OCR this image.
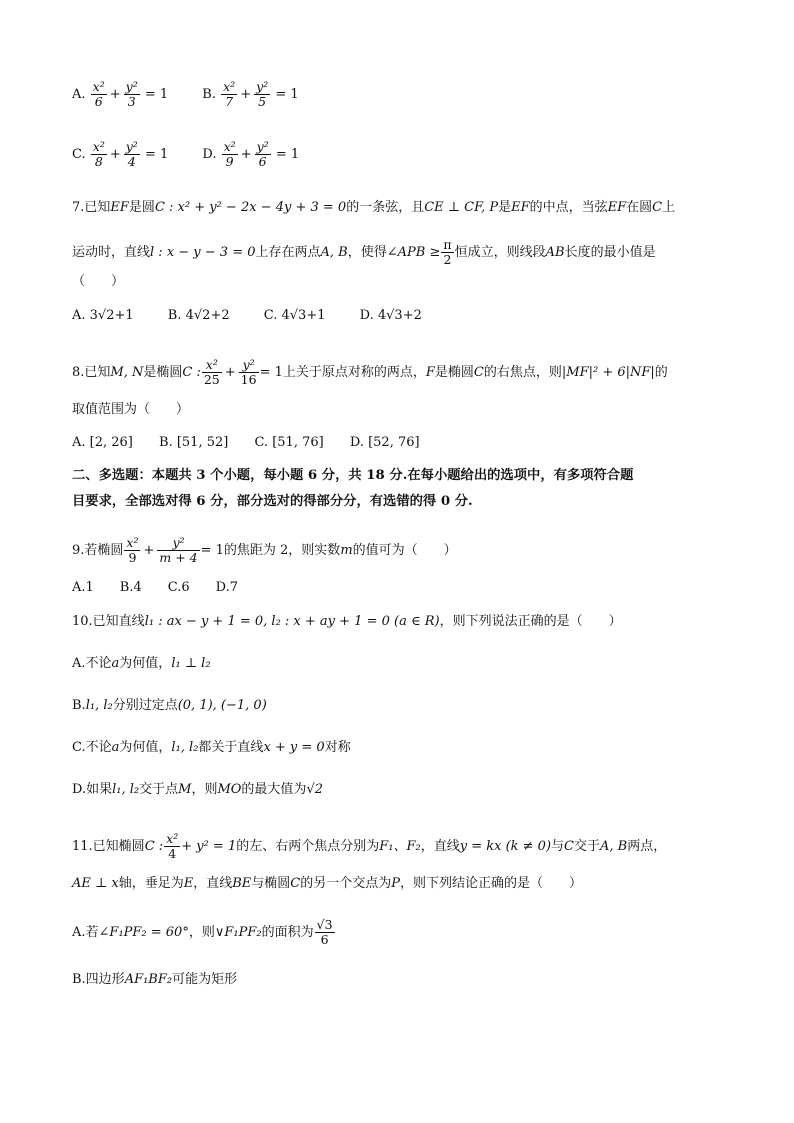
A. $\frac{\text{x²}}{6} + \frac{\text{y²}}{3} = 1$	B. $\frac{\text{x²}}{7} + \frac{\text{y²}}{5} = 1$
C. $\frac{\text{x²}}{8} + \frac{\text{y²}}{4} = 1$	D. $\frac{\text{x²}}{9} + \frac{\text{y²}}{6} = 1$
7.已知EF是圆C : x² + y² − 2x − 4y + 3 = 0的一条弦，且CE ⊥ CF, P是EF的中点，当弦EF在圆C上
运动时，直线l : x − y − 3 = 0上存在两点A, B，使得∠APB ≥ $\frac{\pi}{2}$ 恒成立，则线段AB长度的最小值是
（　　）
A. 3√2+1	B. 4√2+2	C. 4√3+1	D. 4√3+2
8.已知M, N是椭圆C : $\frac{\text{x²}}{25} + \frac{\text{y²}}{16} = 1$上关于原点对称的两点，F是椭圆C的右焦点，则|MF|² + 6|NF|的
取值范围为（　　）
A. [2, 26] B. [51, 52] C. [51, 76] D. [52, 76]
二、多选题：本题共 3 个小题，每小题 6 分，共 18 分.在每小题给出的选项中，有多项符合题
目要求，全部选对得 6 分，部分选对的得部分分，有选错的得 0 分.
9.若椭圆 $\frac{\text{x²}}{9} + \frac{\text{y²}}{m + 4} = 1$的焦距为 2，则实数m的值可为（　　）
A.1　　B.4　　C.6　　D.7
10.已知直线l₁ : ax − y + 1 = 0, l₂ : x + ay + 1 = 0 (a ∈ R)，则下列说法正确的是（　　）
A.不论a为何值，l₁ ⊥ l₂
B.l₁, l₂分别过定点(0, 1), (−1, 0)
C.不论a为何值，l₁, l₂都关于直线x + y = 0对称
D.如果l₁, l₂交于点M，则MO的最大值为√2
11.已知椭圆C : $\frac{\text{x²}}{4} + y^2 = 1$的左、右两个焦点分别为F₁、F₂，直线y = kx (k ≠ 0)与C交于A, B两点，
AE ⊥ x轴，垂足为E，直线BE与椭圆C的另一个交点为P，则下列结论正确的是（　　）
A.若∠F₁PF₂ = 60°，则∨F₁PF₂的面积为 $\frac{√3}{6}$
B.四边形AF₁BF₂可能为矩形
